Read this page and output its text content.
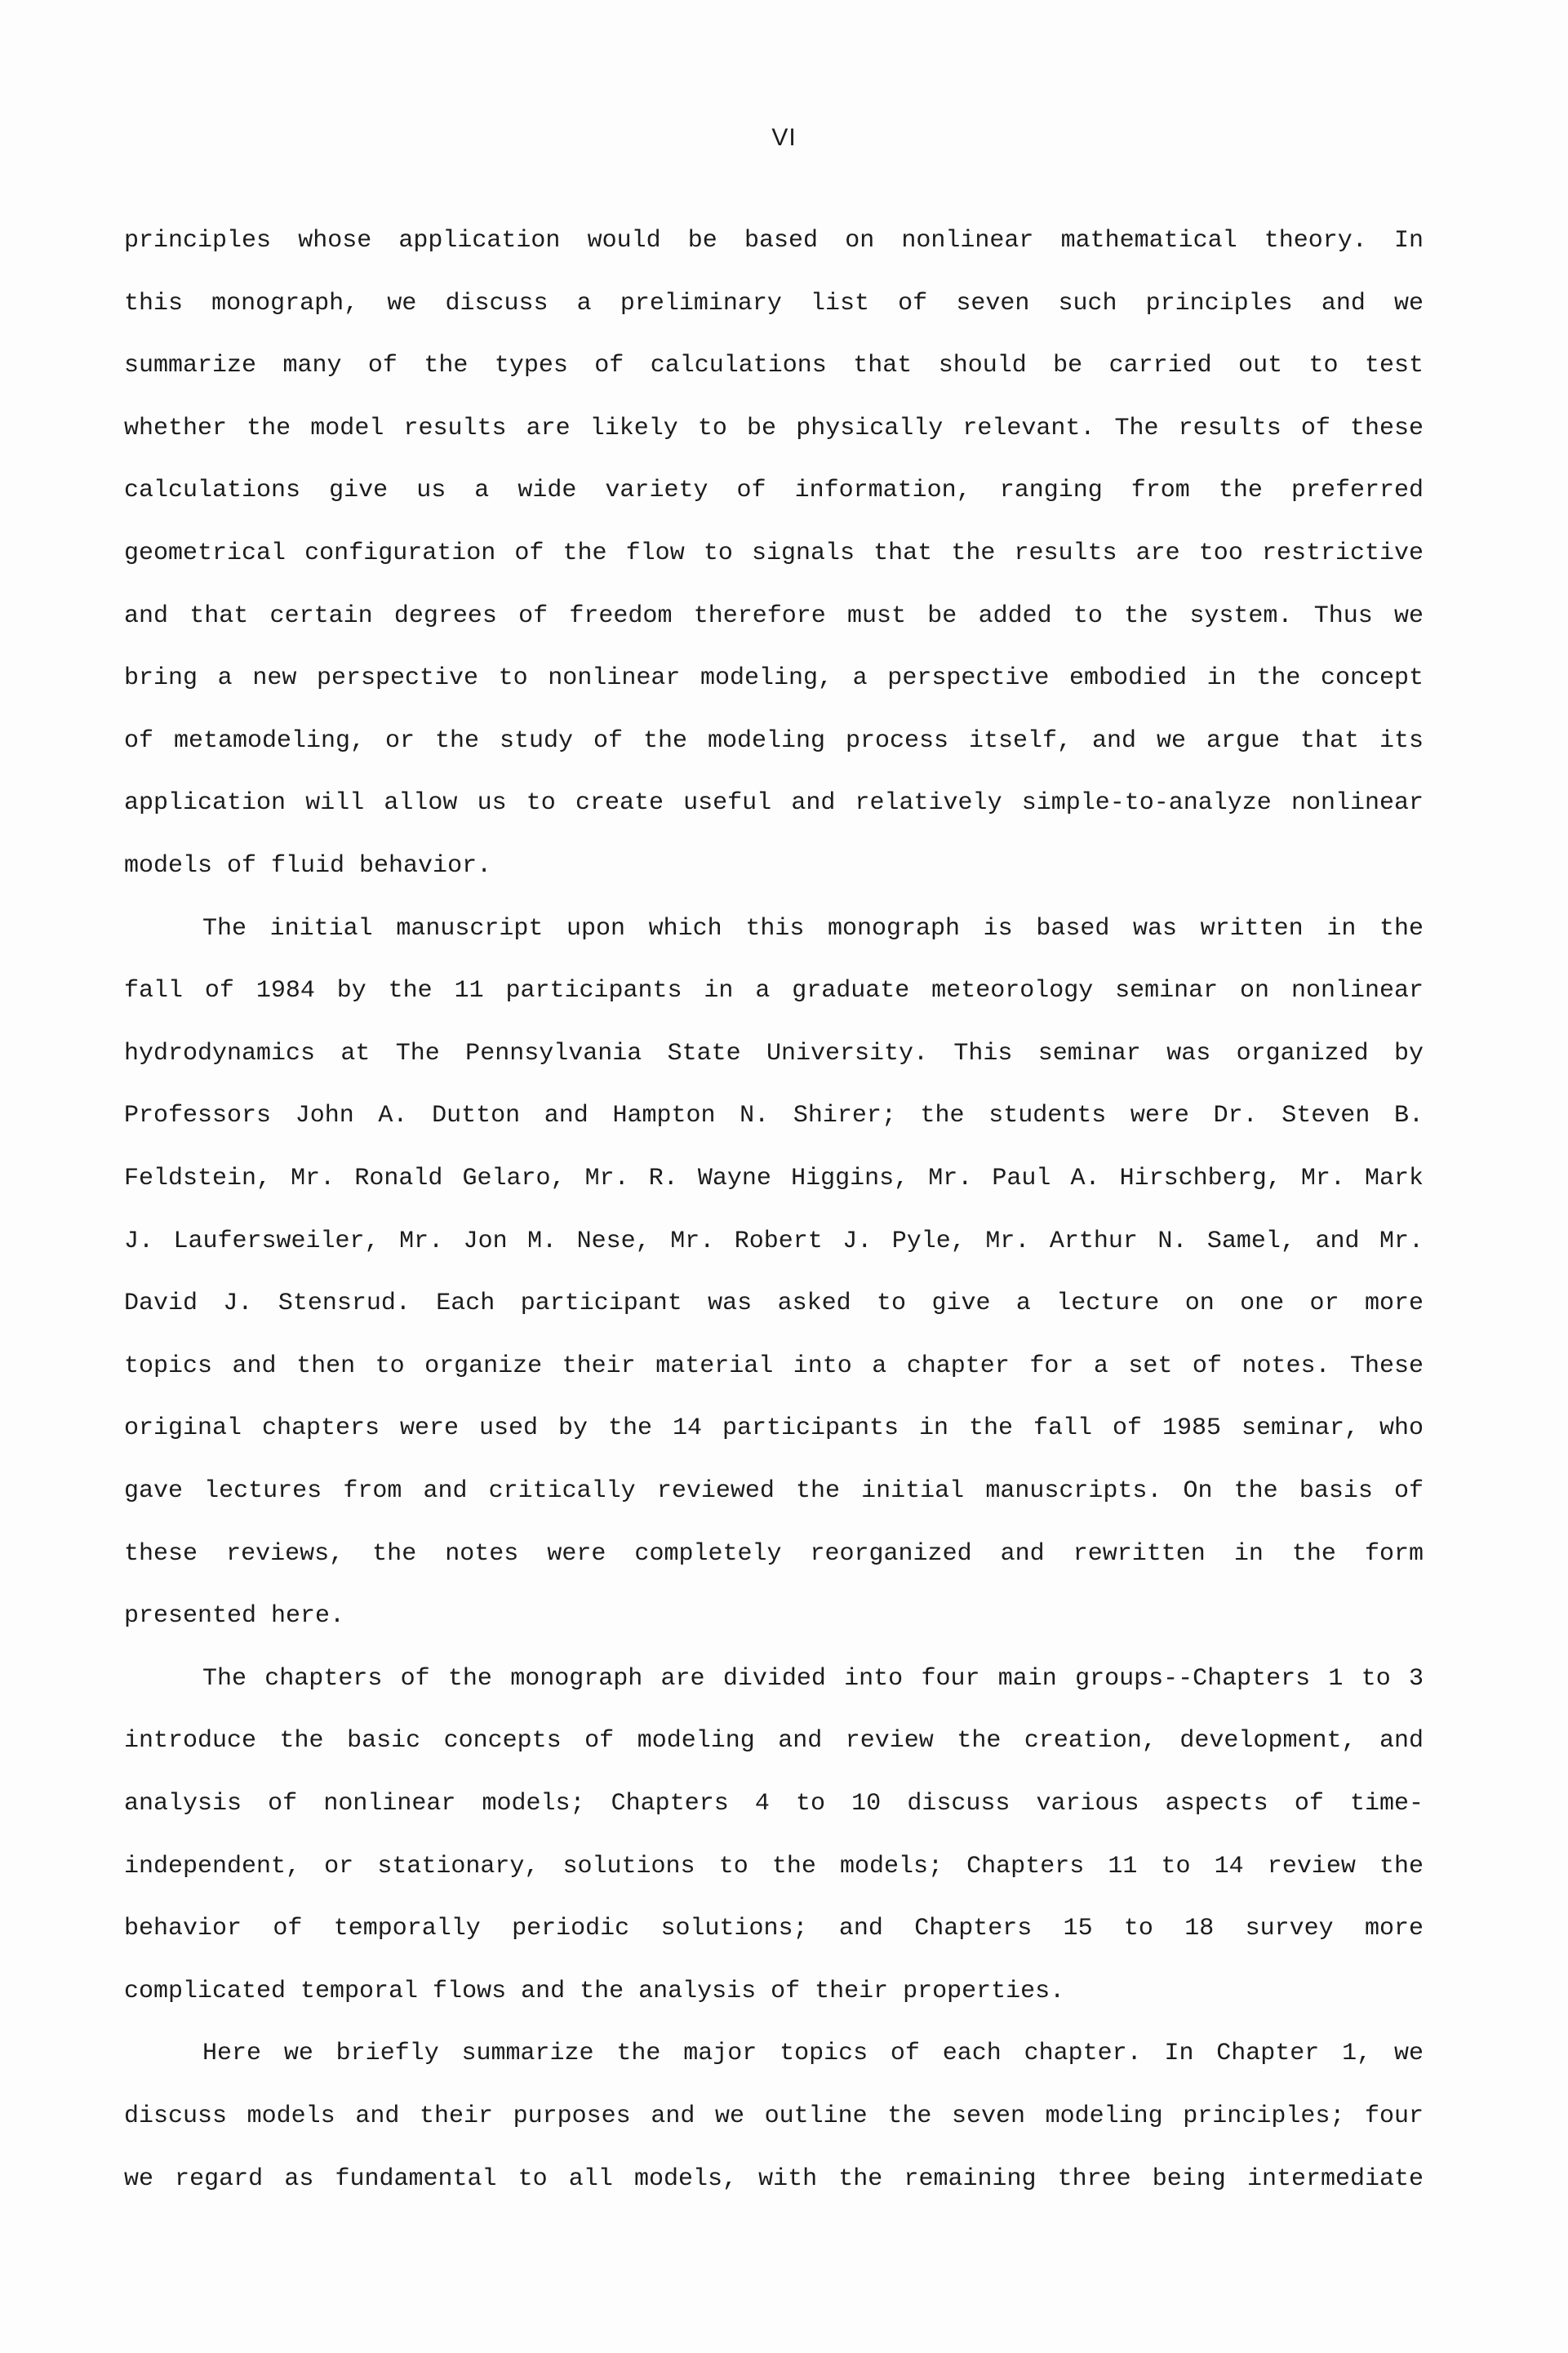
VI

principles whose application would be based on nonlinear mathematical theory. In

this monograph, we discuss a preliminary list of seven such principles and we

summarize many of the types of calculations that should be carried out to test

whether the model results are likely to be physically relevant. The results of these

calculations give us a wide variety of information, ranging from the preferred

geometrical configuration of the flow to signals that the results are too restrictive

and that certain degrees of freedom therefore must be added to the system. Thus we

bring a new perspective to nonlinear modeling, a perspective embodied in the concept

of metamodeling, or the study of the modeling process itself, and we argue that its

application will allow us to create useful and relatively simple-to-analyze nonlinear

models of fluid behavior.

The initial manuscript upon which this monograph is based was written in the

fall of 1984 by the 11 participants in a graduate meteorology seminar on nonlinear

hydrodynamics at The Pennsylvania State University. This seminar was organized by

Professors John A. Dutton and Hampton N. Shirer; the students were Dr. Steven B.

Feldstein, Mr. Ronald Gelaro, Mr. R. Wayne Higgins, Mr. Paul A. Hirschberg, Mr. Mark

J. Laufersweiler, Mr. Jon M. Nese, Mr. Robert J. Pyle, Mr. Arthur N. Samel, and Mr.

David J. Stensrud. Each participant was asked to give a lecture on one or more

topics and then to organize their material into a chapter for a set of notes. These

original chapters were used by the 14 participants in the fall of 1985 seminar, who

gave lectures from and critically reviewed the initial manuscripts. On the basis of

these reviews, the notes were completely reorganized and rewritten in the form

presented here.

The chapters of the monograph are divided into four main groups--Chapters 1 to 3

introduce the basic concepts of modeling and review the creation, development, and

analysis of nonlinear models; Chapters 4 to 10 discuss various aspects of time-

independent, or stationary, solutions to the models; Chapters 11 to 14 review the

behavior of temporally periodic solutions; and Chapters 15 to 18 survey more

complicated temporal flows and the analysis of their properties.

Here we briefly summarize the major topics of each chapter. In Chapter 1, we

discuss models and their purposes and we outline the seven modeling principles; four

we regard as fundamental to all models, with the remaining three being intermediate
